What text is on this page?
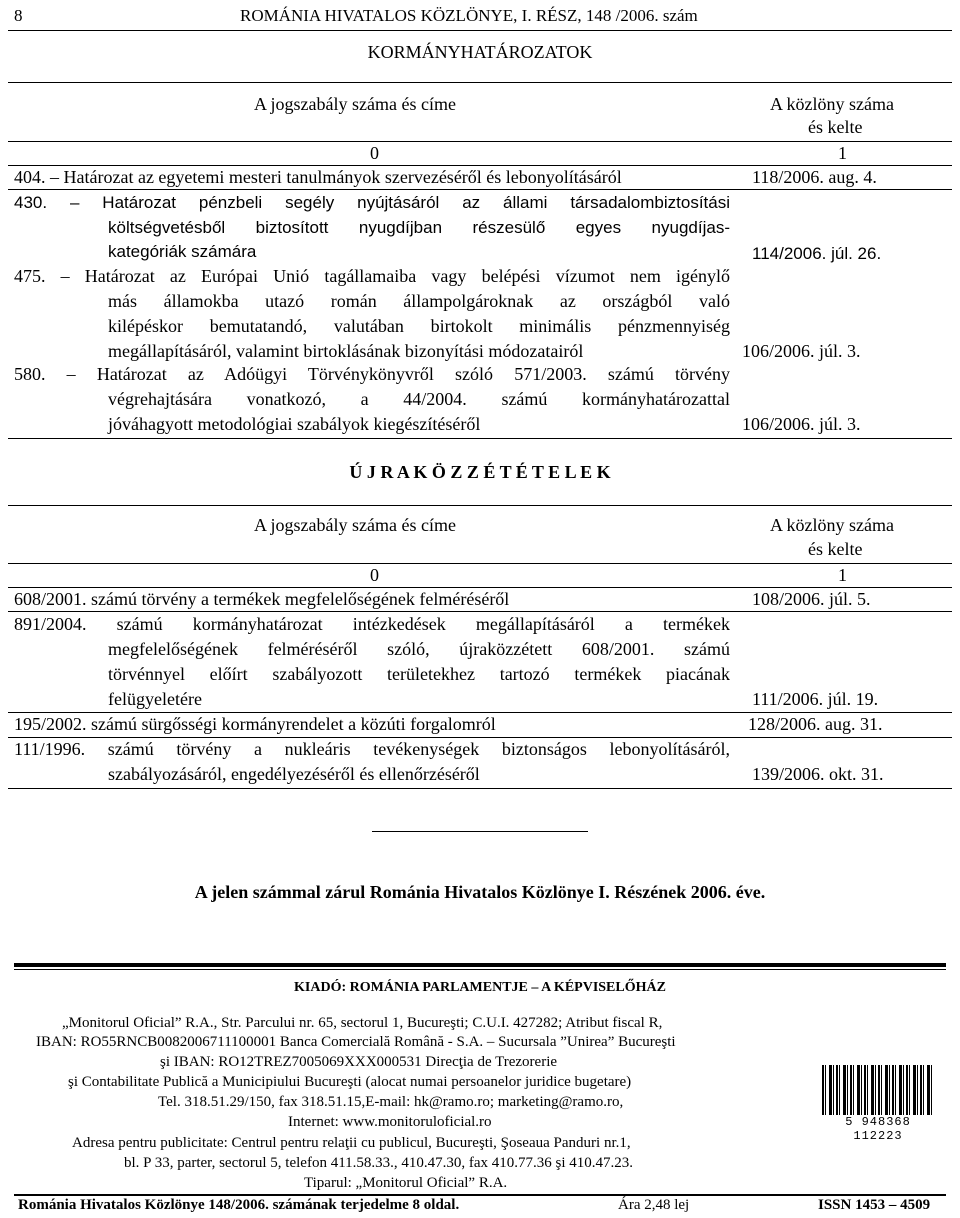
8	ROMÁNIA HIVATALOS KÖZLÖNYE, I. RÉSZ, 148 /2006. szám
KORMÁNYHATÁROZATOK
A jogszabály száma és címe	A közlöny száma
és kelte
0	1
404. – Határozat az egyetemi mesteri tanulmányok szervezéséről és lebonyolításáról	118/2006. aug. 4.
430. – Határozat pénzbeli segély nyújtásáról az állami társadalombiztosítási
költségvetésből biztosított nyugdíjban részesülő egyes nyugdíjas-
kategóriák számára	114/2006. júl. 26.
475. – Határozat az Európai Unió tagállamaiba vagy belépési vízumot nem igénylő
más államokba utazó román állampolgároknak az országból való
kilépéskor bemutatandó, valutában birtokolt minimális pénzmennyiség
megállapításáról, valamint birtoklásának bizonyítási módozatairól	106/2006. júl. 3.
580. – Határozat az Adóügyi Törvénykönyvről szóló 571/2003. számú törvény
végrehajtására vonatkozó, a 44/2004. számú kormányhatározattal
jóváhagyott metodológiai szabályok kiegészítéséről	106/2006. júl. 3.
Ú J R A K Ö Z Z É T É T E L E K
A jogszabály száma és címe	A közlöny száma
és kelte
0	1
608/2001. számú törvény a termékek megfelelőségének felméréséről	108/2006. júl. 5.
891/2004. számú kormányhatározat intézkedések megállapításáról a termékek
megfelelőségének felméréséről szóló, újraközzétett 608/2001. számú
törvénnyel előírt szabályozott területekhez tartozó termékek piacának
felügyeletére	111/2006. júl. 19.
195/2002. számú sürgősségi kormányrendelet a közúti forgalomról	128/2006. aug. 31.
111/1996. számú törvény a nukleáris tevékenységek biztonságos lebonyolításáról,
szabályozásáról, engedélyezéséről és ellenőrzéséről	139/2006. okt. 31.
A jelen számmal zárul Románia Hivatalos Közlönye I. Részének 2006. éve.
KIADÓ: ROMÁNIA PARLAMENTJE – A KÉPVISELŐHÁZ
„Monitorul Oficial” R.A., Str. Parcului nr. 65, sectorul 1, Bucureşti; C.U.I. 427282; Atribut fiscal R,
IBAN: RO55RNCB0082006711100001 Banca Comercială Română - S.A. – Sucursala ”Unirea” Bucureşti
şi IBAN: RO12TREZ7005069XXX000531 Direcţia de Trezorerie
şi Contabilitate Publică a Municipiului Bucureşti (alocat numai persoanelor juridice bugetare)
Tel. 318.51.29/150, fax 318.51.15,E-mail: hk@ramo.ro; marketing@ramo.ro,
Internet: www.monitoruloficial.ro
Adresa pentru publicitate: Centrul pentru relaţii cu publicul, Bucureşti, Şoseaua Panduri nr.1,
bl. P 33, parter, sectorul 5, telefon 411.58.33., 410.47.30, fax 410.77.36 şi 410.47.23.
Tiparul: „Monitorul Oficial” R.A.
5 948368 112223
Románia Hivatalos Közlönye 148/2006. számának terjedelme 8 oldal.	Ára 2,48 lej	ISSN 1453 – 4509
